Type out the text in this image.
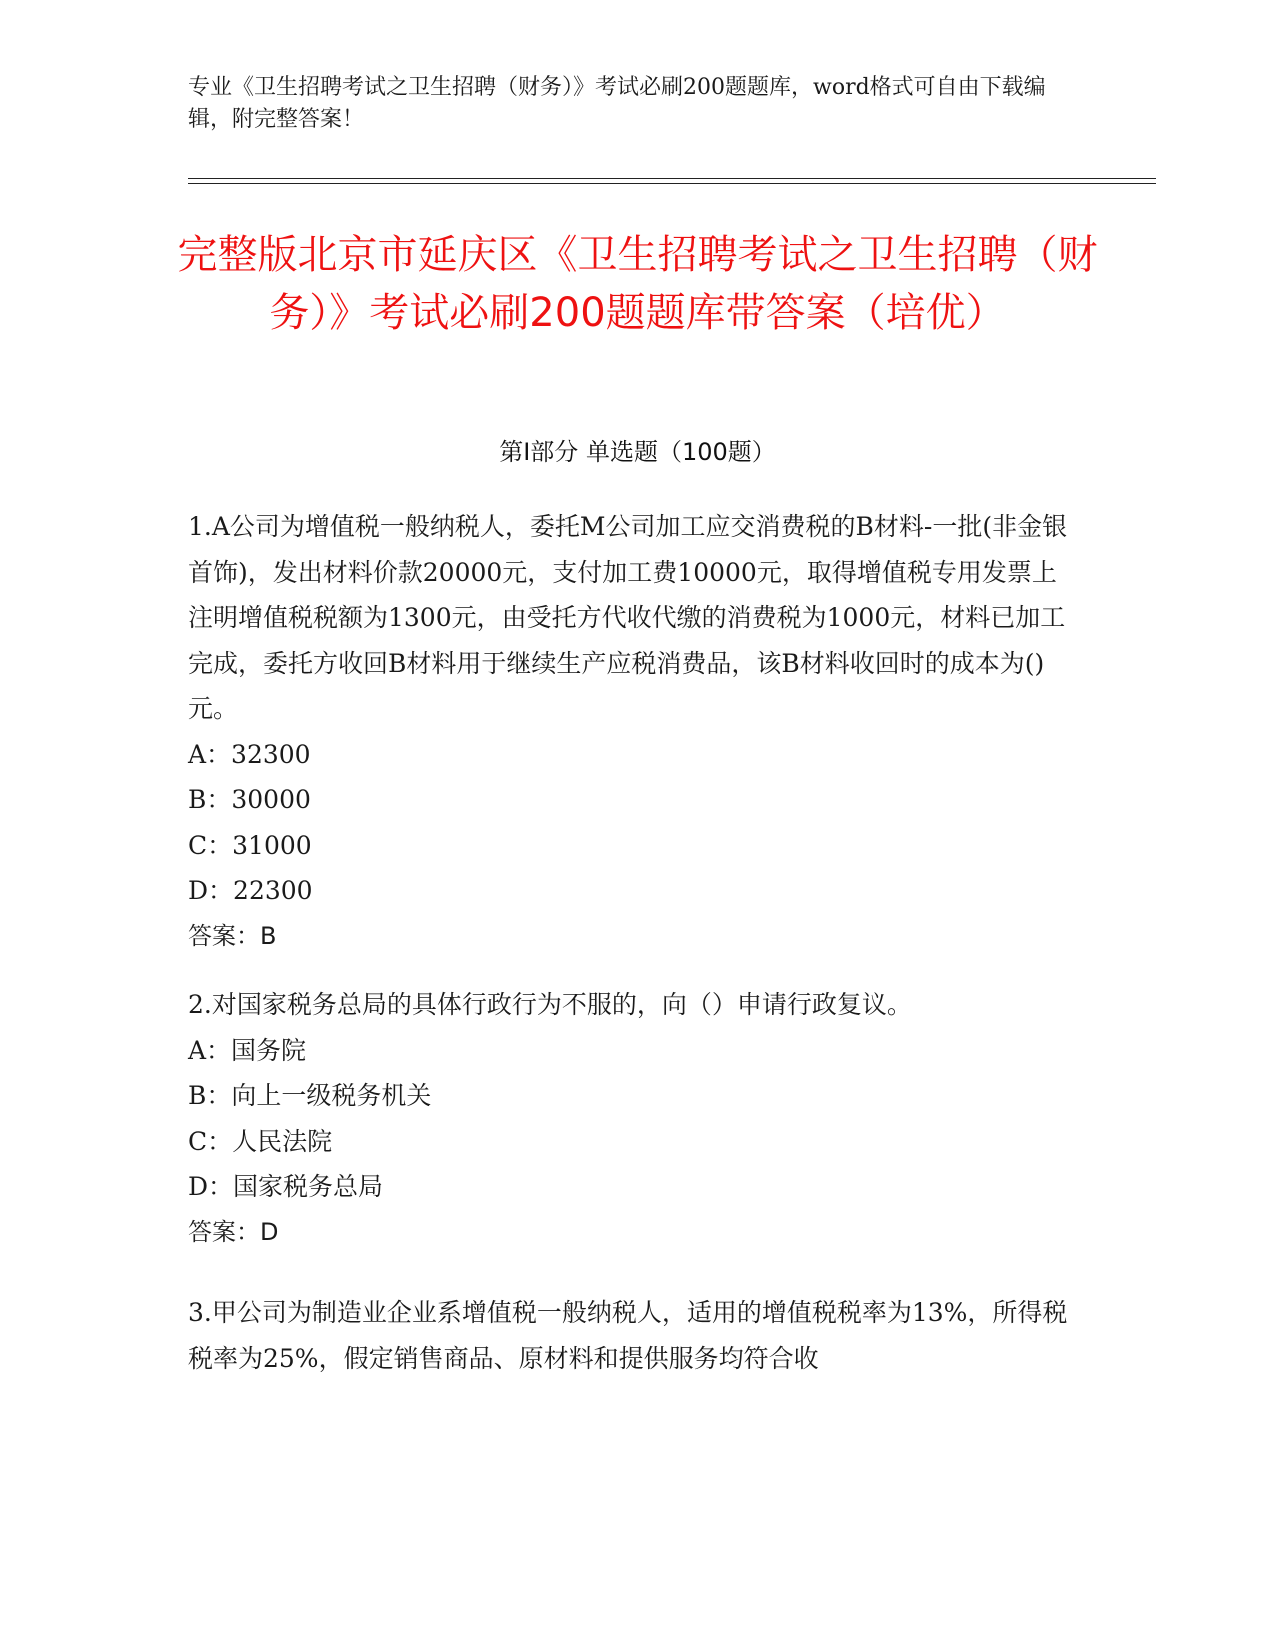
专业《卫生招聘考试之卫生招聘（财务）》考试必刷200题题库，word格式可自由下载编辑，附完整答案！
完整版北京市延庆区《卫生招聘考试之卫生招聘（财务）》考试必刷200题题库带答案（培优）
第I部分 单选题（100题）

1.A公司为增值税一般纳税人，委托M公司加工应交消费税的B材料-一批(非金银首饰)，发出材料价款20000元，支付加工费10000元，取得增值税专用发票上注明增值税税额为1300元，由受托方代收代缴的消费税为1000元，材料已加工完成，委托方收回B材料用于继续生产应税消费品，该B材料收回时的成本为()元。

A：32300

B：30000

C：31000

D：22300

答案：B

2.对国家税务总局的具体行政行为不服的，向（）申请行政复议。

A：国务院

B：向上一级税务机关

C：人民法院

D：国家税务总局

答案：D

3.甲公司为制造业企业系增值税一般纳税人，适用的增值税税率为13%，所得税税率为25%，假定销售商品、原材料和提供服务均符合收
